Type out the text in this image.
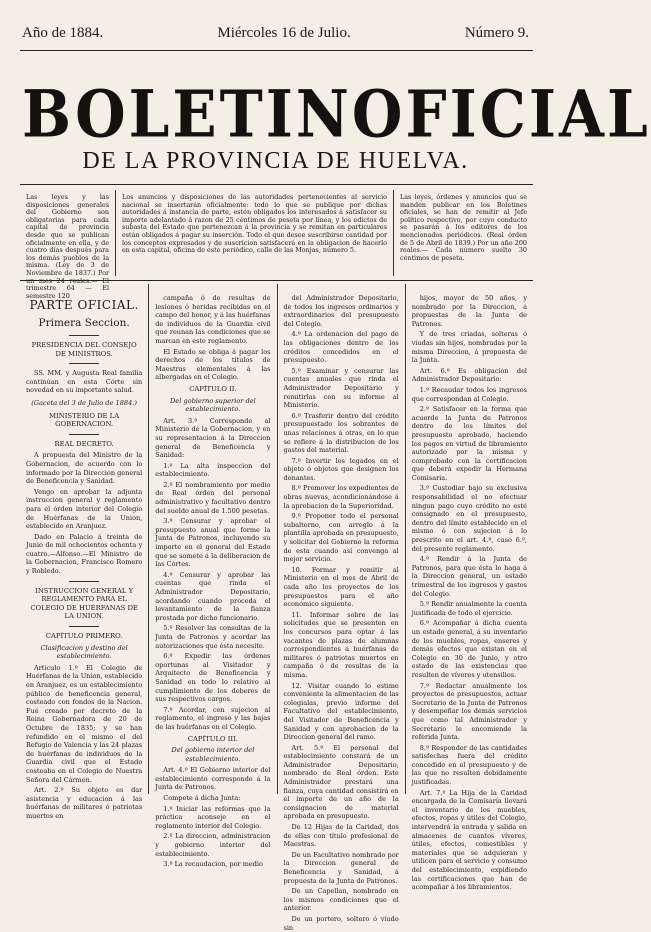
Año de 1884.	Miércoles 16 de Julio.	Número 9.
BOLETIN OFICIAL
DE LA PROVINCIA DE HUELVA.

Las leyes y las disposiciones generales del Gobierno son obligatorias para cada capital de provincia desde que se publican oficialmente en ella, y de cuatro días después para los demás pueblos de la misma. (Ley de 3 de Noviembre de 1837.) Por un mes 24 reales.— El trimestre 64 — El semestre 120

Los anuncios y disposiciones de las autoridades pertenecientes al servicio nacional se insertarán oficialmente: todo lo que se publique por dichas autoridades á instancia de parte, estén obligados los interesados á satisfacer su importe adelantado á razon de 25 céntimos de peseta por línea, y los edictos de subasta del Estado que pertenezcan á la provincia y se remitan en particulares están obligados á pagar su inserción. Todo el que desee suscribirse cantidad por los conceptos expresados y de suscricion satisfacerá en la obligacion de hacerlo en esta capital, oficina de este periódico, calle de las Monjas, número 5.

Las leyes, órdenes y anuncios que se manden publicar en los Boletines oficiales, se han de remitir al Jefe político respectivo, por cuyo conducto se pasarán á los editores de los mencionados periódicos. (Real órden de 5 de Abril de 1839.) Por un año 200 reales.— Cada número suelto 30 céntimos de peseta.

PARTE OFICIAL.
Primera Seccion.
PRESIDENCIA DEL CONSEJO DE MINISTROS.

SS. MM. y Augusta Real familia continúan en esta Córte sin novedad en su importante salud.

(Gaceta del 3 de Julio de 1884.)
MINISTERIO DE LA GOBERNACION.
REAL DECRETO.

A propuesta del Ministro de la Gobernacion, de acuerdo con lo informado por la Direccion general de Beneficencia y Sanidad.

Vengo en aprobar la adjunta instruccion general y reglamento para el órden interior del Colegio de Huérfanas de la Union, establecido en Aranjuez.

Dado en Palacio á treinta de Junio de mil ochocientos ochenta y cuatro.—Alfonso.—El Ministro de la Gobernacion, Francisco Romero y Robledo.

INSTRUCCION GENERAL Y REGLAMENTO PARA EL COLEGIO DE HUÉRFANAS DE LA UNION.
CAPÍTULO PRIMERO.
Clasificacion y destino del establecimiento.

Artículo 1.º El Colegio de Huérfanas de la Union, establecido en Aranjuez, es un establecimiento público de beneficencia general, costeado con fondos de la Nacion. Fué creado por decreto de la Reina Gobernadora de 20 de Octubre de 1835; y se han refundido en el mismo el del Refugio de Valencia y las 24 plazas de huérfanas de individuos de la Guardia civil que el Estado costeaba en el Colegio de Nuestra Señora del Cármen.

Art. 2.º Su objeto es dar asistencia y educacion á las huérfanas de militares ó patriotas muertos en

campaña ó de resultas de lesiones ó heridas recibidas en el campo del honor, y á las huérfanas de individuos de la Guardia civil que reunan las condiciones que se marcan en este reglamento.

El Estado se obliga á pagar los derechos de los títulos de Maestras elementales á las albergadas en el Colegio.

CAPÍTULO II.
Del gobierno superior del establecimiento.

Art. 3.º Corresponde al Ministerio de la Gobernacion, y en su representacion á la Direccion general de Beneficencia y Sanidad:

1.º La alta inspeccion del establecimiento.

2.º El nombramiento por medio de Real órden del personal administrativo y facultativo dentro del sueldo anual de 1.500 pesetas.

3.º Censurar y aprobar el presupuesto anual que forme la Junta de Patronos, incluyendo su importe en el general del Estado que se somete á la deliberacion de las Córtes.

4.º Censurar y aprobar las cuentas que rinda el Administrador Depositario, acordando cuando proceda el levantamiento de la fianza prestada por dicho funcionario.

5.º Resolver las consultas de la Junta de Patronos y acordar las autorizaciones que ésta necesite.

6.º Expedir las órdenes oportunas al Visitador y Arquitecto de Beneficencia y Sanidad en todo lo relativo al cumplimiento de los deberes de sus respectivos cargos.

7.º Acordar, con sujecion al reglamento, el ingreso y las bajas de las huérfanas en el Colegio.

CAPÍTULO III.
Del gobierno interior del establecimiento.

Art. 4.º El Gobierno interior del establecimiento corresponde á la Junta de Patronos.

Compete á dicha Junta:

1.º Iniciar las reformas que la práctica aconseje en el reglamento interior del Colegio.

2.º La direccion, administracion y gobierno interior del establecimiento.

3.º La recaudacion, por medio

del Administrador Depositario, de todos los ingresos ordinarios y extraordinarios del presupuesto del Colegio.

4.º La ordenacion del pago de las obligaciones dentro de los créditos concedidos en el presupuesto.

5.º Examinar y censurar las cuentas anuales que rinda el Administrador Depositario y remitirlas con su informe al Ministerio.

6.º Trasferir dentro del crédito presupuestado los sobrantes de unas relaciones á otras, en lo que se refiere á la distribucion de los gastos del material.

7.º Invertir los legados en el objeto ó objetos que designen los donantes.

8.º Promover los expedientes de obras nuevas, acondicionándose á la aprobacion de la Superioridad.

9.º Proponer todo el personal subalterno, con arreglo á la plantilla aprobada en presupuesto, y solicitar del Gobierno la reforma de esta cuando así convenga al mejor servicio.

10. Formar y remitir al Ministerio en el mes de Abril de cada año los proyectos de los presupuestos para el año económico siguiente.

11. Informar sobre de las solicitudes que se presenten en los concursos para optar á las vacantes de plazas de alumnas correspondientes á huérfanas de militares ó patriotas muertos en campaña ó de resultas de la misma.

12. Visitar cuando lo estime conveniente la alimentacion de las colegialas, previo informe del Facultativo del establecimiento, del Visitador de Beneficencia y Sanidad y con aprobacion de la Direccion general del ramo.

Art. 5.º El personal del establecimiento constará de un Administrador Depositario, nombrado de Real órden. Este Administrador prestará una fianza, cuya cantidad consistirá en el importe de un año de la consignacion de material aprobada en presupuesto.

De 12 Hijas de la Caridad, dos de ellas con título profesional de Maestras.

De un Facultativo nombrado por la Direccion general de Beneficencia y Sanidad, á propuesta de la Junta de Patronos.

De un Capellan, nombrado en los mismos condiciones que el anterior.

De un portero, soltero ó viudo sin

hijos, mayor de 50 años, y nombrado por la Direccion, á propuestas de la Junta de Patronos.

Y de tres criadas, solteras ó viudas sin hijos, nombradas por la misma Direccion, á propuesta de la Junta.

Art. 6.º Es obligacion del Administrador Depositario:

1.º Recaudar todos los ingresos que correspondan al Colegio.

2.º Satisfacer en la forma que acuerde la Junta de Patronos dentro de los límites del presupuesto aprobado, haciendo los pagos en virtud de libramiento autorizado por la misma y comprobado con la certificacion que deberá expedir la Hermana Comisaria.

3.º Custodiar bajo su exclusiva responsabilidad el no efectuar ningun pago cuyo crédito no esté consignado en el presupuesto, dentro del límite establecido en el mismo ó con sujecion á lo prescrito en el art. 4.º, caso 6.º, del presente reglamento.

4.º Rendir á la Junta de Patronos, para que ésta lo haga á la Direccion general, un estado trimestral de los ingresos y gastos del Colegio.

5.º Rendir anualmente la cuenta justificada de todo el ejercicio.

6.º Acompañar á dicha cuenta un estado general, á su inventario de los muebles, ropas, enseres y demás efectos que existan en el Colegio en 30 de Junio, y otro estado de las existencias que resulten de víveres y utensilios.

7.º Redactar anualmente los proyectos de presupuestos, actuar Secretario de la Junta de Patronos y desempeñar los demás servicios que como tal Administrador y Secretario le encomiende la referida Junta.

8.º Responder de las cantidades satisfechas fuera del crédito concedido en el presupuesto y de las que no resulten debidamente justificadas.

Art. 7.º La Hija de la Caridad encargada de la Comisaría llevará el inventario de los muebles, efectos, ropas y útiles del Colegio, intervendrá la entrada y salida en almacenes de cuantos víveres, útiles, efectos, comestibles y materiales que se adquieran y utilicen para el servicio y consumo del establecimiento, expidiendo las certificaciones que han de acompañar á los libramientos.
